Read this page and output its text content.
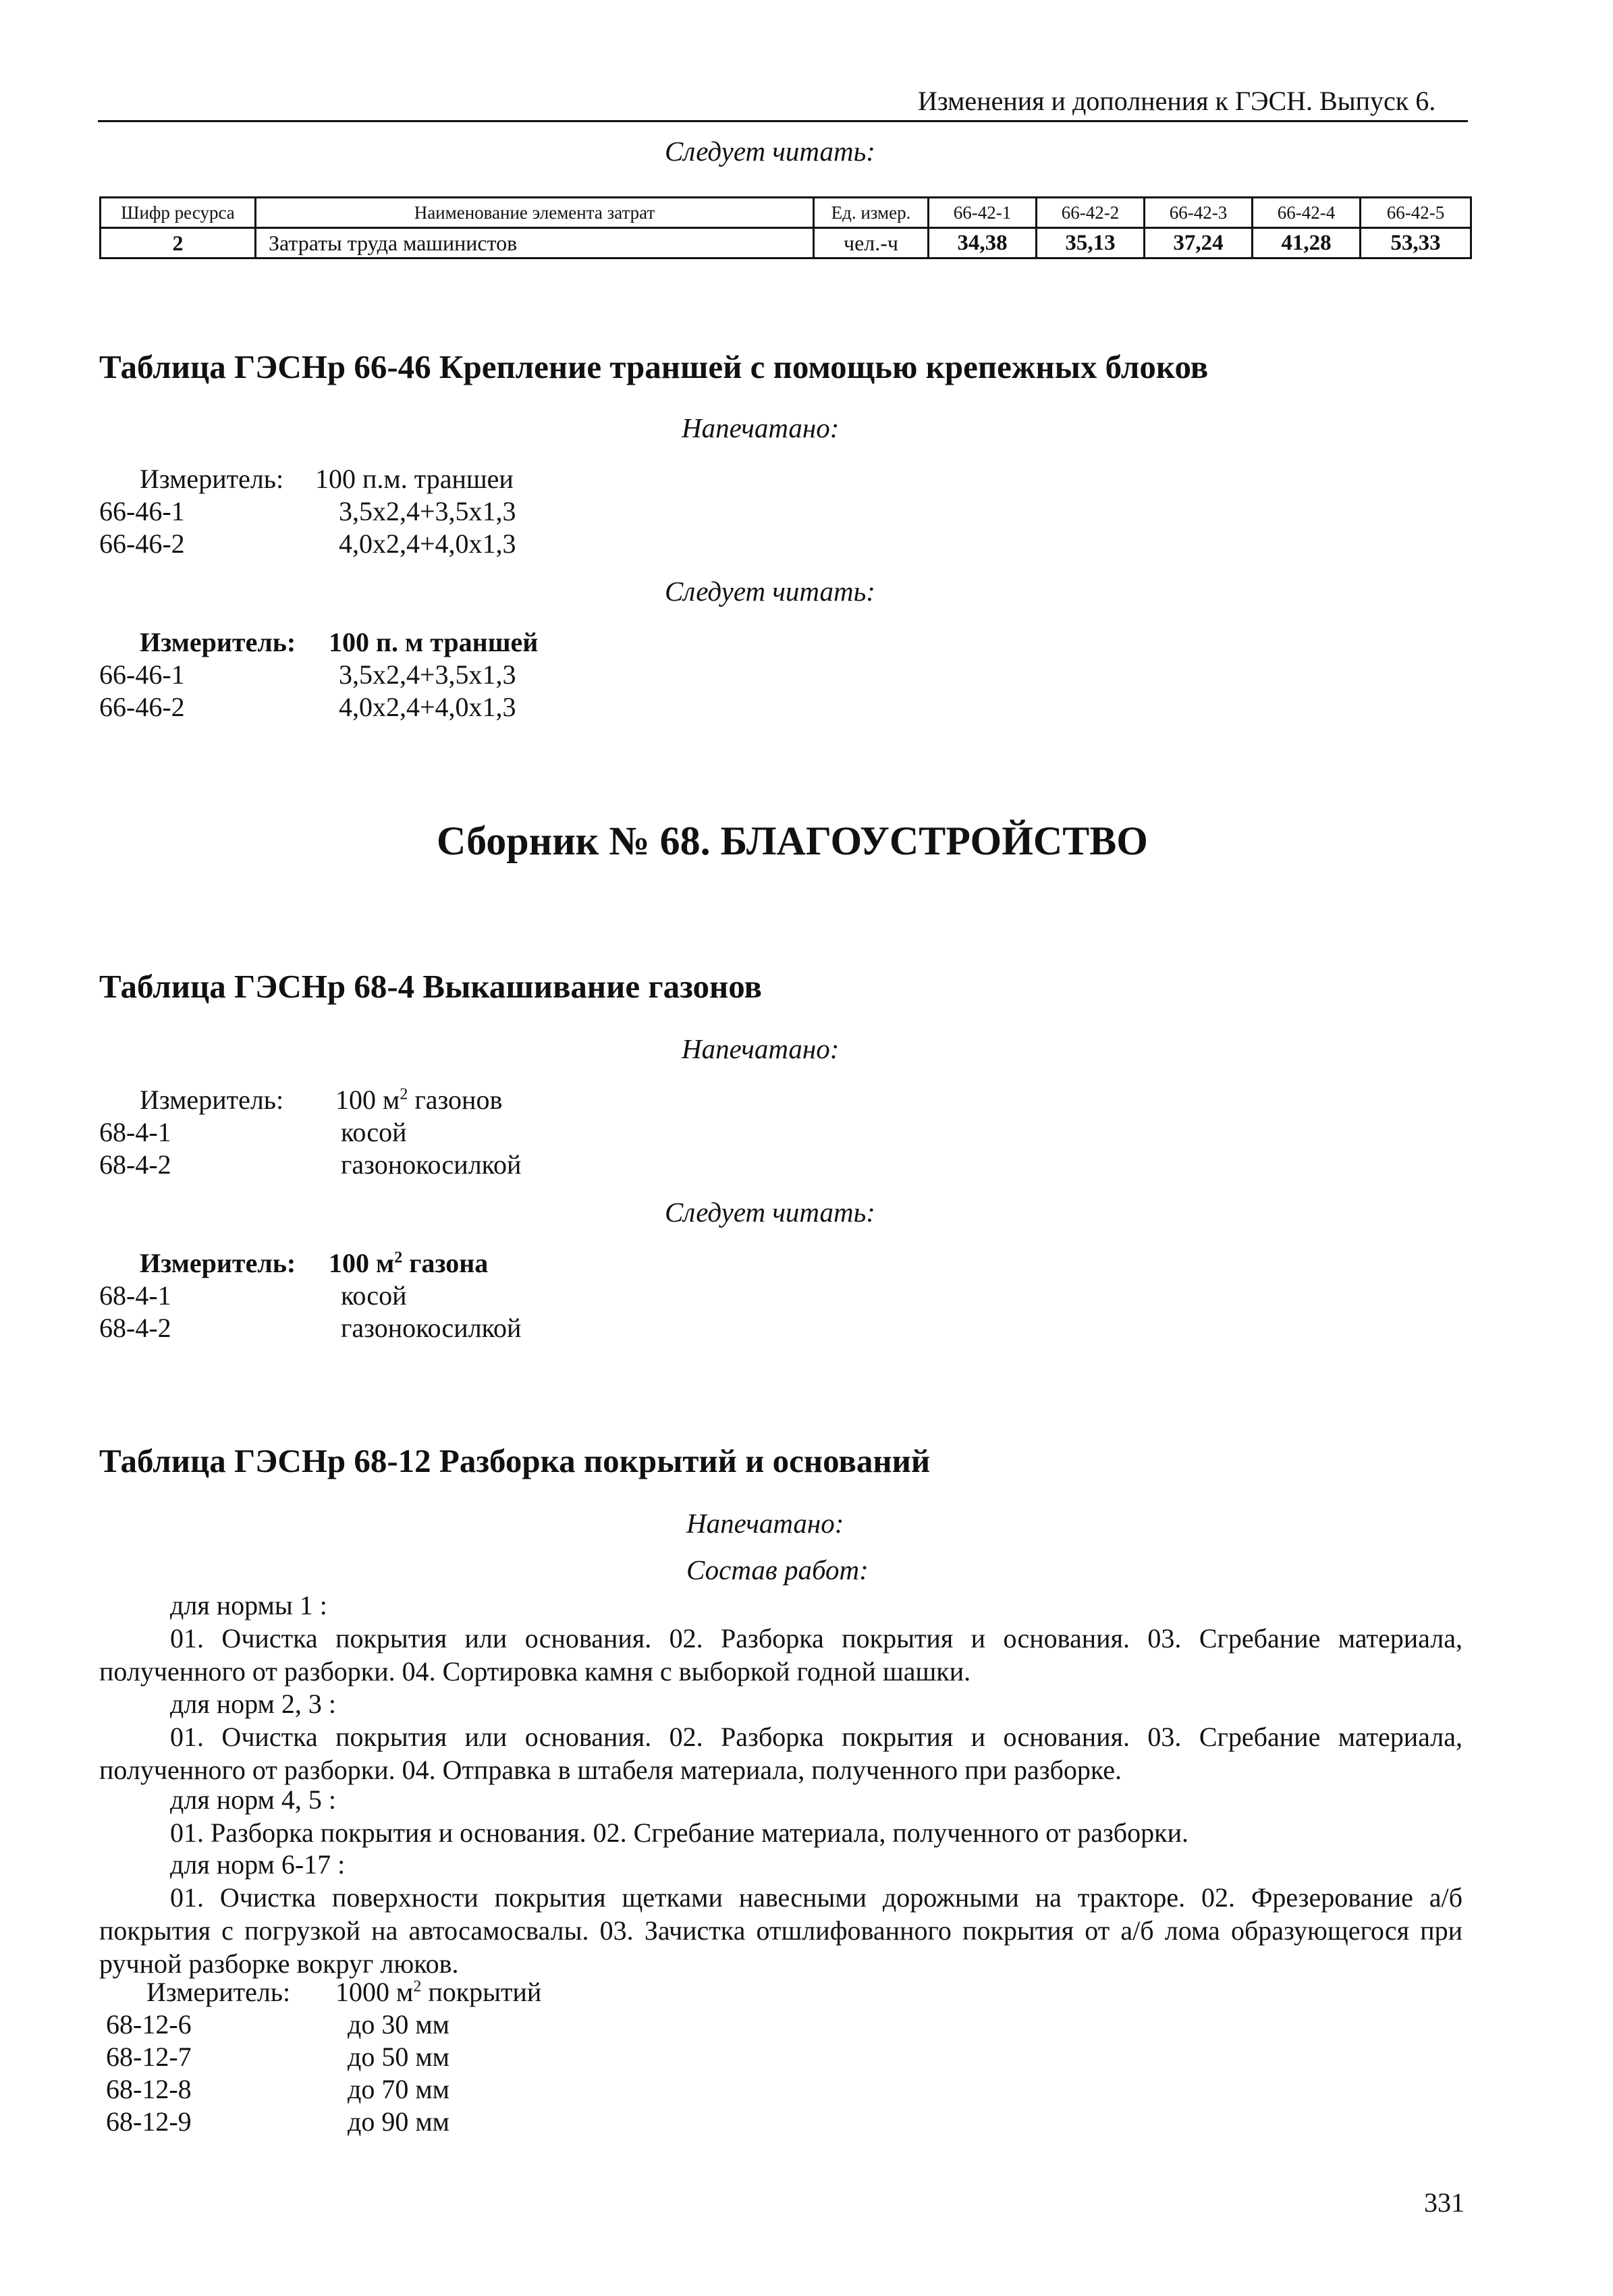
Изменения и дополнения к ГЭСН. Выпуск 6.
Следует читать:
Шифр ресурса	Наименование элемента затрат	Ед. измер.	66-42-1	66-42-2	66-42-3	66-42-4	66-42-5
2	Затраты труда машинистов	чел.-ч	34,38	35,13	37,24	41,28	53,33
Таблица ГЭСНр 66-46 Крепление траншей с помощью крепежных блоков
Напечатано:
Измеритель: 100 п.м. траншеи
66-46-1	3,5x2,4+3,5x1,3
66-46-2	4,0x2,4+4,0x1,3
Следует читать:
Измеритель: 100 п. м траншей
66-46-1	3,5x2,4+3,5x1,3
66-46-2	4,0x2,4+4,0x1,3
Сборник № 68. БЛАГОУСТРОЙСТВО
Таблица ГЭСНр 68-4 Выкашивание газонов
Напечатано:
Измеритель: 100 $м^2$ газонов
68-4-1	косой
68-4-2	газонокосилкой
Следует читать:
Измеритель: 100 $м^2$ газона
68-4-1	косой
68-4-2	газонокосилкой
Таблица ГЭСНр 68-12 Разборка покрытий и оснований
Напечатано:
Состав работ:
для нормы 1 :
01. Очистка покрытия или основания. 02. Разборка покрытия и основания. 03. Сгребание материала, полученного от разборки. 04. Сортировка камня с выборкой годной шашки.
для норм 2, 3 :
01. Очистка покрытия или основания. 02. Разборка покрытия и основания. 03. Сгребание материала, полученного от разборки. 04. Отправка в штабеля материала, полученного при разборке.
для норм 4, 5 :
01. Разборка покрытия и основания. 02. Сгребание материала, полученного от разборки.
для норм 6-17 :
01. Очистка поверхности покрытия щетками навесными дорожными на тракторе. 02. Фрезерование а/б покрытия с погрузкой на автосамосвалы. 03. Зачистка отшлифованного покрытия от а/б лома образующегося при ручной разборке вокруг люков.
Измеритель: 1000 $м^2$ покрытий
68-12-6	до 30 мм
68-12-7	до 50 мм
68-12-8	до 70 мм
68-12-9	до 90 мм
331
